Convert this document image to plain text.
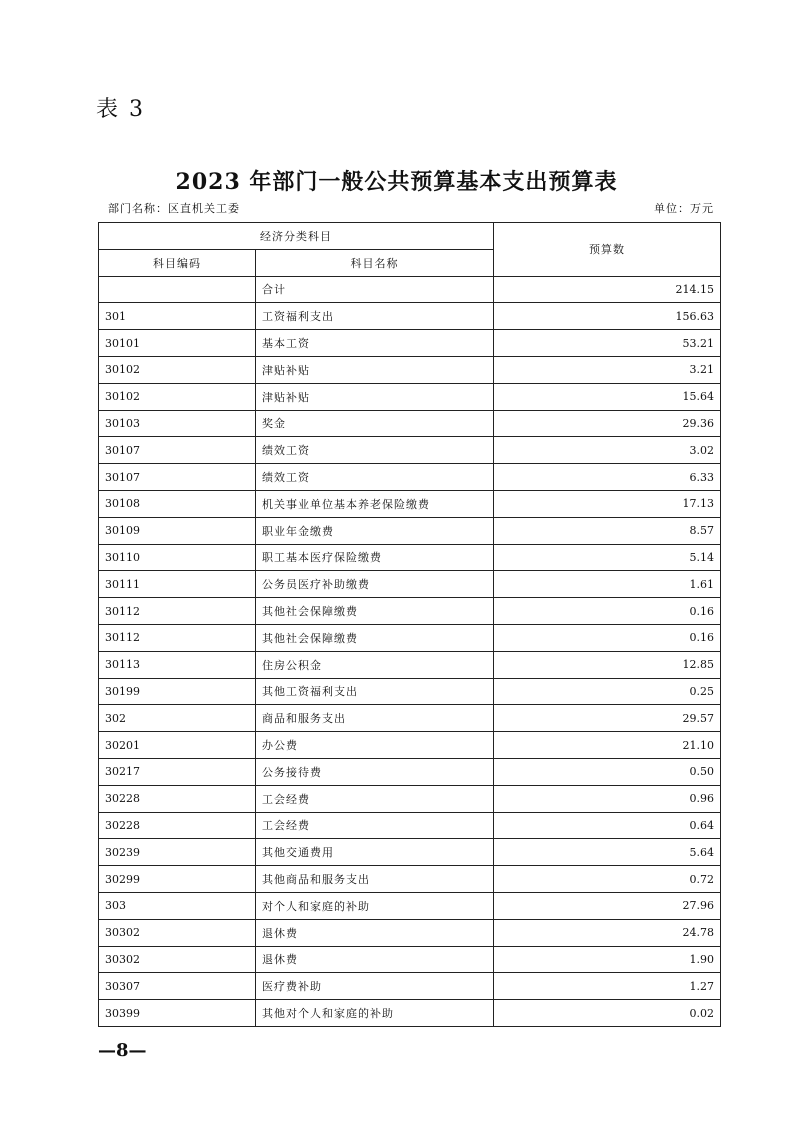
表 3
2023 年部门一般公共预算基本支出预算表
部门名称：区直机关工委	单位：万元
经济分类科目		预算数
科目编码	科目名称	
	合计	214.15
301	工资福利支出	156.63
30101	基本工资	53.21
30102	津贴补贴	3.21
30102	津贴补贴	15.64
30103	奖金	29.36
30107	绩效工资	3.02
30107	绩效工资	6.33
30108	机关事业单位基本养老保险缴费	17.13
30109	职业年金缴费	8.57
30110	职工基本医疗保险缴费	5.14
30111	公务员医疗补助缴费	1.61
30112	其他社会保障缴费	0.16
30112	其他社会保障缴费	0.16
30113	住房公积金	12.85
30199	其他工资福利支出	0.25
302	商品和服务支出	29.57
30201	办公费	21.10
30217	公务接待费	0.50
30228	工会经费	0.96
30228	工会经费	0.64
30239	其他交通费用	5.64
30299	其他商品和服务支出	0.72
303	对个人和家庭的补助	27.96
30302	退休费	24.78
30302	退休费	1.90
30307	医疗费补助	1.27
30399	其他对个人和家庭的补助	0.02
—8—
